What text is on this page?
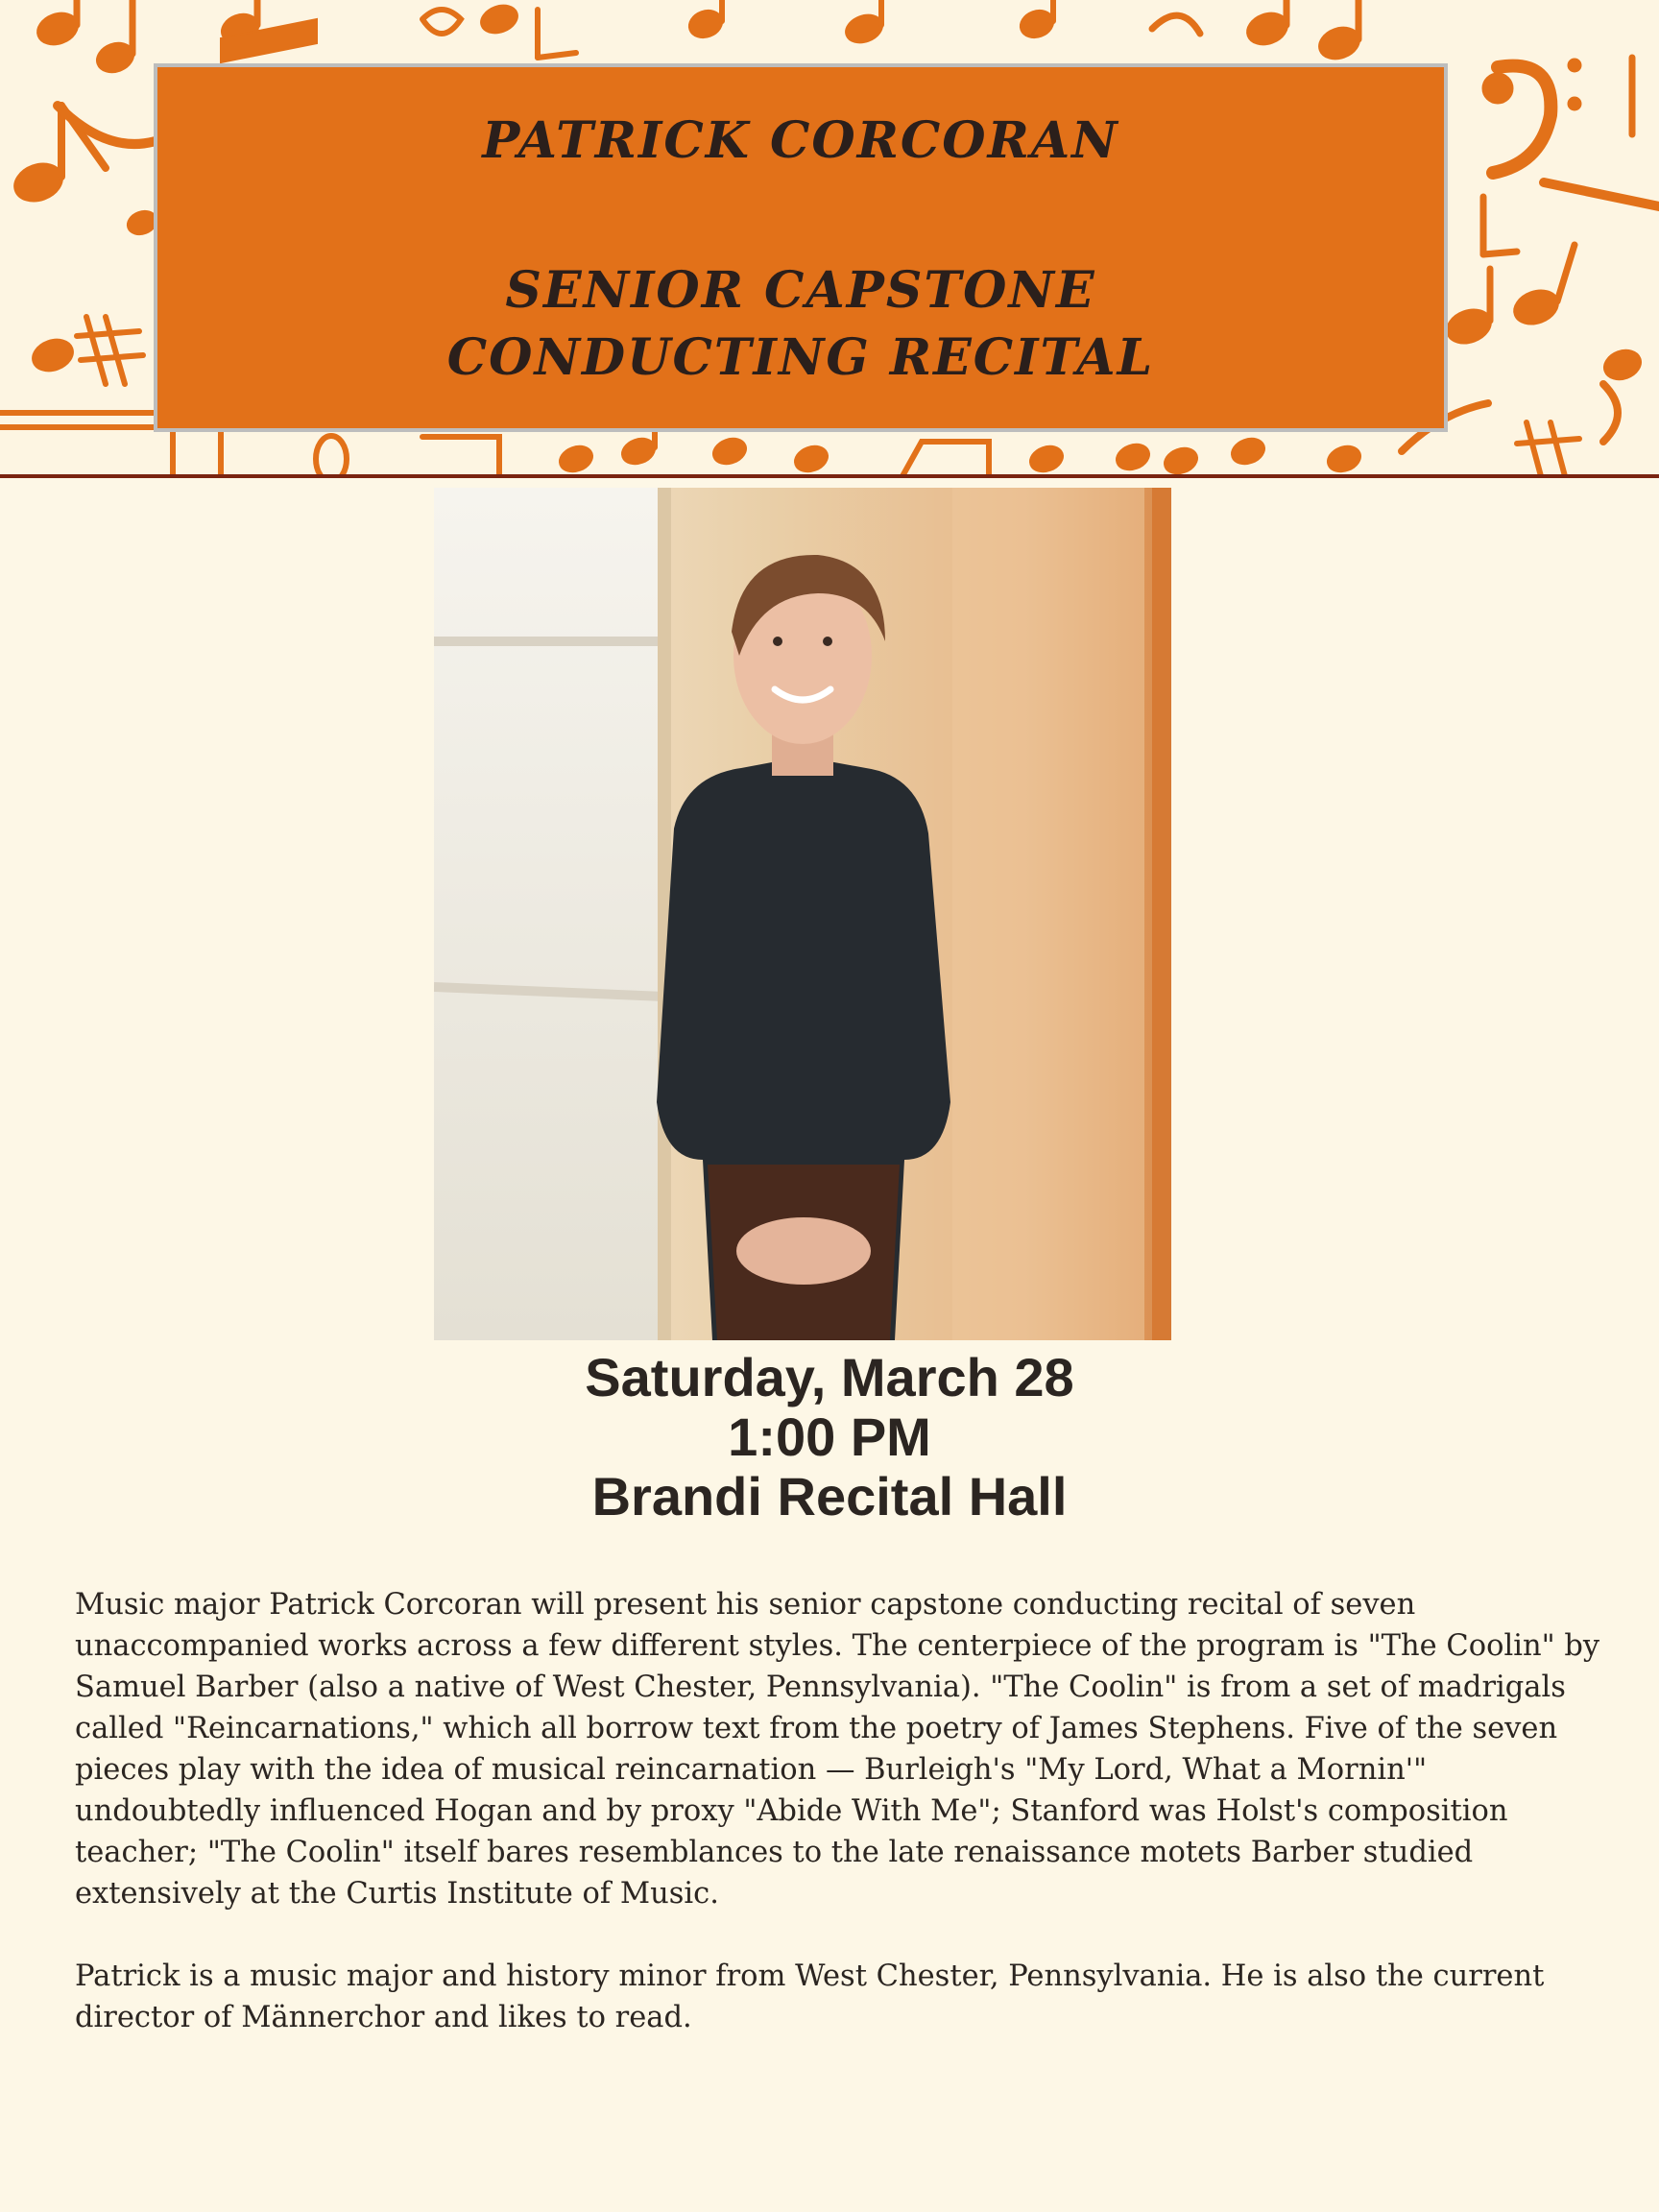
PATRICK CORCORAN
SENIOR CAPSTONE
CONDUCTING RECITAL
Saturday, March 28
1:00 PM
Brandi Recital Hall

Music major Patrick Corcoran will present his senior capstone conducting recital of seven unaccompanied works across a few different styles. The centerpiece of the program is "The Coolin" by Samuel Barber (also a native of West Chester, Pennsylvania). "The Coolin" is from a set of madrigals called "Reincarnations," which all borrow text from the poetry of James Stephens. Five of the seven pieces play with the idea of musical reincarnation — Burleigh's "My Lord, What a Mornin'" undoubtedly influenced Hogan and by proxy "Abide With Me"; Stanford was Holst's composition teacher; "The Coolin" itself bares resemblances to the late renaissance motets Barber studied extensively at the Curtis Institute of Music.

Patrick is a music major and history minor from West Chester, Pennsylvania. He is also the current director of Männerchor and likes to read.
